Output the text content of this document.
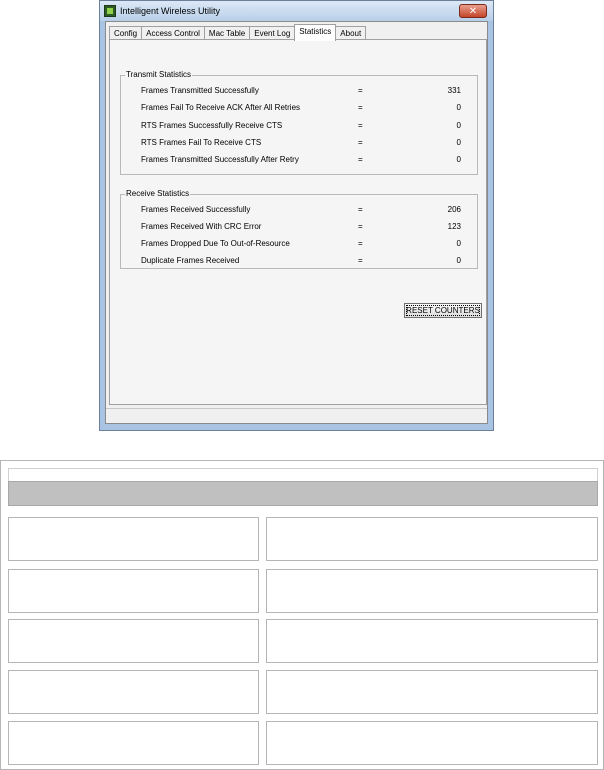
Intelligent Wireless Utility	✕
Config	Access Control	Mac Table	Event Log	Statistics	About
Transmit Statistics
Frames Transmitted Successfully	=	331
Frames Fail To Receive ACK After All Retries	=	0
RTS Frames Successfully Receive CTS	=	0
RTS Frames Fail To Receive CTS	=	0
Frames Transmitted Successfully After Retry	=	0
Receive Statistics
Frames Received Successfully	=	206
Frames Received With CRC Error	=	123
Frames Dropped Due To Out-of-Resource	=	0
Duplicate Frames Received	=	0
RESET COUNTERS
